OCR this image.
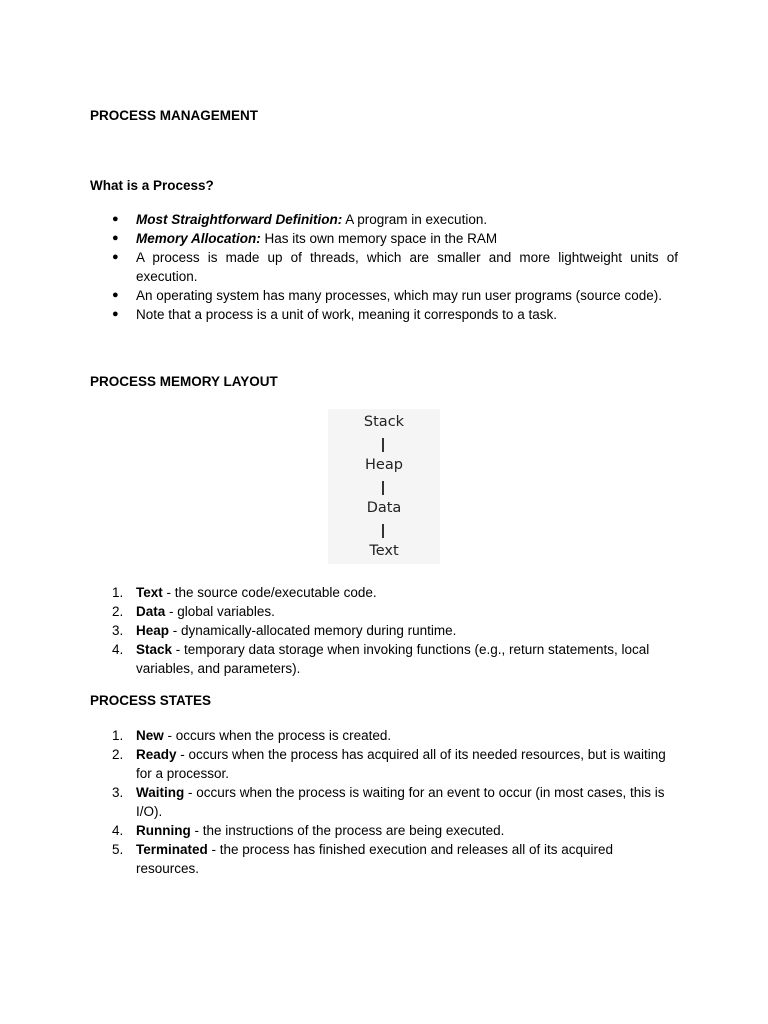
PROCESS MANAGEMENT
What is a Process?
● Most Straightforward Definition: A program in execution.
● Memory Allocation: Has its own memory space in the RAM
● A process is made up of threads, which are smaller and more lightweight units of execution.
● An operating system has many processes, which may run user programs (source code).
● Note that a process is a unit of work, meaning it corresponds to a task.
PROCESS MEMORY LAYOUT
Stack
Heap
Data
Text
1. Text - the source code/executable code.
2. Data - global variables.
3. Heap - dynamically-allocated memory during runtime.
4. Stack - temporary data storage when invoking functions (e.g., return statements, local variables, and parameters).
PROCESS STATES
1. New - occurs when the process is created.
2. Ready - occurs when the process has acquired all of its needed resources, but is waiting for a processor.
3. Waiting - occurs when the process is waiting for an event to occur (in most cases, this is I/O).
4. Running - the instructions of the process are being executed.
5. Terminated - the process has finished execution and releases all of its acquired resources.
